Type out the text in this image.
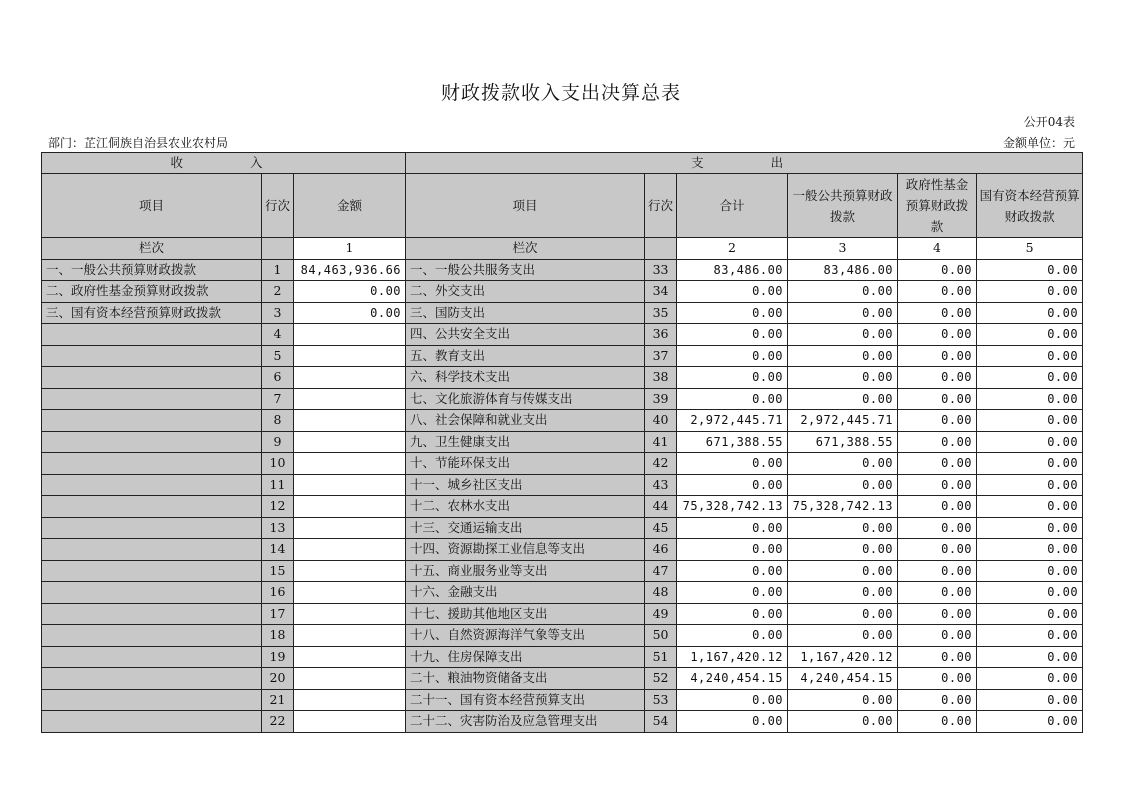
财政拨款收入支出决算总表
公开04表
部门：芷江侗族自治县农业农村局	金额单位：元
收　　入			支　　出					
项目	行次	金额	项目	行次	合计	一般公共预算财政拨款	政府性基金预算财政拨款	国有资本经营预算财政拨款
栏次		1	栏次		2	3	4	5
一、一般公共预算财政拨款	1	84,463,936.66	一、一般公共服务支出	33	83,486.00	83,486.00	0.00	0.00
二、政府性基金预算财政拨款	2	0.00	二、外交支出	34	0.00	0.00	0.00	0.00
三、国有资本经营预算财政拨款	3	0.00	三、国防支出	35	0.00	0.00	0.00	0.00
	4		四、公共安全支出	36	0.00	0.00	0.00	0.00
	5		五、教育支出	37	0.00	0.00	0.00	0.00
	6		六、科学技术支出	38	0.00	0.00	0.00	0.00
	7		七、文化旅游体育与传媒支出	39	0.00	0.00	0.00	0.00
	8		八、社会保障和就业支出	40	2,972,445.71	2,972,445.71	0.00	0.00
	9		九、卫生健康支出	41	671,388.55	671,388.55	0.00	0.00
	10		十、节能环保支出	42	0.00	0.00	0.00	0.00
	11		十一、城乡社区支出	43	0.00	0.00	0.00	0.00
	12		十二、农林水支出	44	75,328,742.13	75,328,742.13	0.00	0.00
	13		十三、交通运输支出	45	0.00	0.00	0.00	0.00
	14		十四、资源勘探工业信息等支出	46	0.00	0.00	0.00	0.00
	15		十五、商业服务业等支出	47	0.00	0.00	0.00	0.00
	16		十六、金融支出	48	0.00	0.00	0.00	0.00
	17		十七、援助其他地区支出	49	0.00	0.00	0.00	0.00
	18		十八、自然资源海洋气象等支出	50	0.00	0.00	0.00	0.00
	19		十九、住房保障支出	51	1,167,420.12	1,167,420.12	0.00	0.00
	20		二十、粮油物资储备支出	52	4,240,454.15	4,240,454.15	0.00	0.00
	21		二十一、国有资本经营预算支出	53	0.00	0.00	0.00	0.00
	22		二十二、灾害防治及应急管理支出	54	0.00	0.00	0.00	0.00
